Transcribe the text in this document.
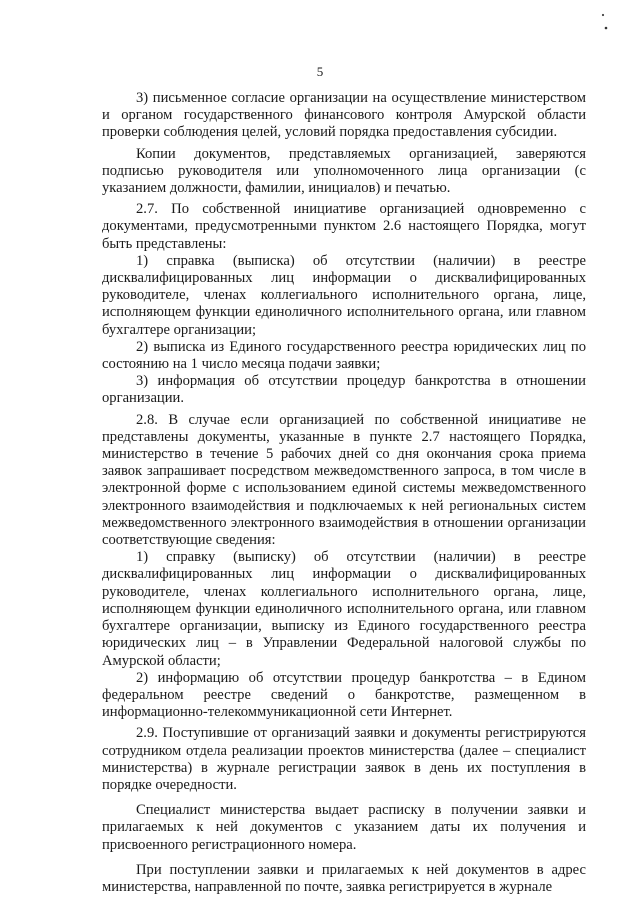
5

3) письменное согласие организации на осуществление министерством и органом государственного финансового контроля Амурской области проверки соблюдения целей, условий порядка предоставления субсидии.

Копии документов, представляемых организацией, заверяются подписью руководителя или уполномоченного лица организации (с указанием должности, фамилии, инициалов) и печатью.

2.7. По собственной инициативе организацией одновременно с документами, предусмотренными пунктом 2.6 настоящего Порядка, могут быть представлены:

1) справка (выписка) об отсутствии (наличии) в реестре дисквалифицированных лиц информации о дисквалифицированных руководителе, членах коллегиального исполнительного органа, лице, исполняющем функции единоличного исполнительного органа, или главном бухгалтере организации;

2) выписка из Единого государственного реестра юридических лиц по состоянию на 1 число месяца подачи заявки;

3) информация об отсутствии процедур банкротства в отношении организации.

2.8. В случае если организацией по собственной инициативе не представлены документы, указанные в пункте 2.7 настоящего Порядка, министерство в течение 5 рабочих дней со дня окончания срока приема заявок запрашивает посредством межведомственного запроса, в том числе в электронной форме с использованием единой системы межведомственного электронного взаимодействия и подключаемых к ней региональных систем межведомственного электронного взаимодействия в отношении организации соответствующие сведения:

1) справку (выписку) об отсутствии (наличии) в реестре дисквалифицированных лиц информации о дисквалифицированных руководителе, членах коллегиального исполнительного органа, лице, исполняющем функции единоличного исполнительного органа, или главном бухгалтере организации, выписку из Единого государственного реестра юридических лиц – в Управлении Федеральной налоговой службы по Амурской области;

2) информацию об отсутствии процедур банкротства – в Едином федеральном реестре сведений о банкротстве, размещенном в информационно-телекоммуникационной сети Интернет.

2.9. Поступившие от организаций заявки и документы регистрируются сотрудником отдела реализации проектов министерства (далее – специалист министерства) в журнале регистрации заявок в день их поступления в порядке очередности.

Специалист министерства выдает расписку в получении заявки и прилагаемых к ней документов с указанием даты их получения и присвоенного регистрационного номера.

При поступлении заявки и прилагаемых к ней документов в адрес министерства, направленной по почте, заявка регистрируется в журнале
